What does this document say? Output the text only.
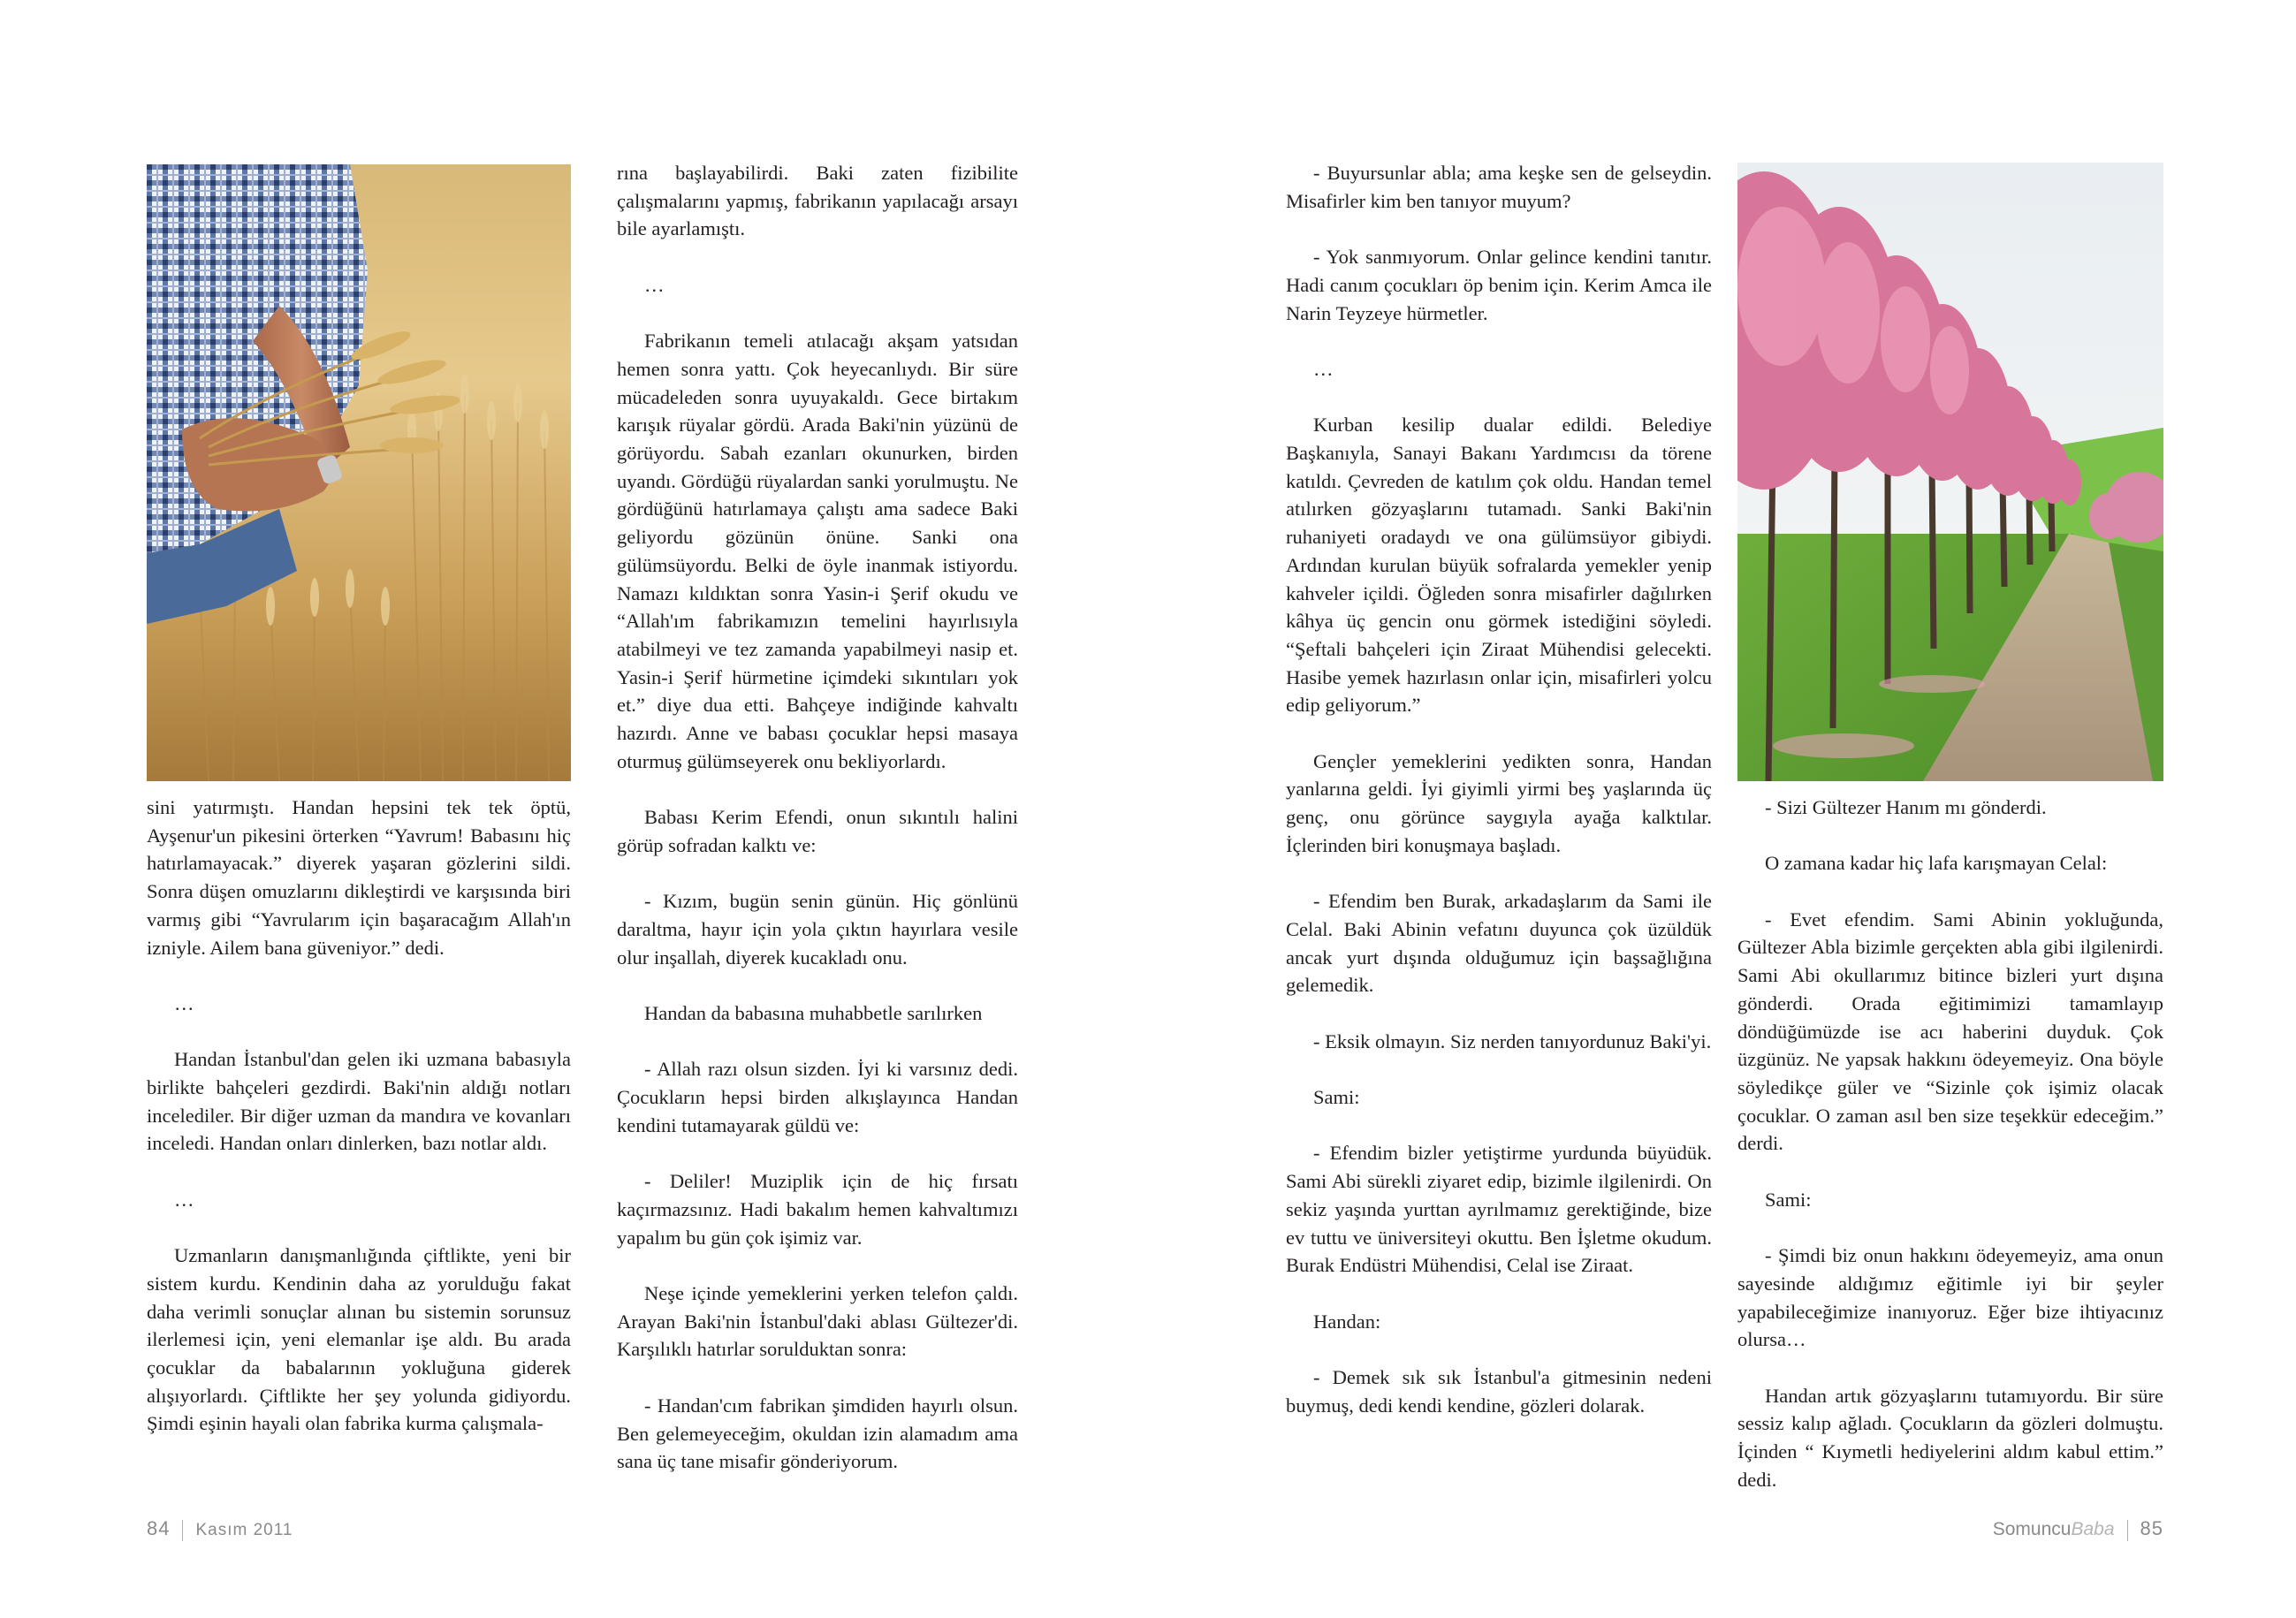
sini yatırmıştı. Handan hepsini tek tek öptü, Ayşenur'un pikesini örterken “Yavrum! Babasını hiç hatırlamayacak.” diyerek yaşaran gözlerini sildi. Sonra düşen omuzlarını dikleştirdi ve karşısında biri varmış gibi “Yavrularım için başaracağım Allah'ın izniyle. Ailem bana güveniyor.” dedi.

…

Handan İstanbul'dan gelen iki uzmana babasıyla birlikte bahçeleri gezdirdi. Baki'nin aldığı notları incelediler. Bir diğer uzman da mandıra ve kovanları inceledi. Handan onları dinlerken, bazı notlar aldı.

…

Uzmanların danışmanlığında çiftlikte, yeni bir sistem kurdu. Kendinin daha az yorulduğu fakat daha verimli sonuçlar alınan bu sistemin sorunsuz ilerlemesi için, yeni elemanlar işe aldı. Bu arada çocuklar da babalarının yokluğuna giderek alışıyorlardı. Çiftlikte her şey yolunda gidiyordu. Şimdi eşinin hayali olan fabrika kurma çalışmala-

rına başlayabilirdi. Baki zaten fizibilite çalışmalarını yapmış, fabrikanın yapılacağı arsayı bile ayarlamıştı.

…

Fabrikanın temeli atılacağı akşam yatsıdan hemen sonra yattı. Çok heyecanlıydı. Bir süre mücadeleden sonra uyuyakaldı. Gece birtakım karışık rüyalar gördü. Arada Baki'nin yüzünü de görüyordu. Sabah ezanları okunurken, birden uyandı. Gördüğü rüyalardan sanki yorulmuştu. Ne gördüğünü hatırlamaya çalıştı ama sadece Baki geliyordu gözünün önüne. Sanki ona gülümsüyordu. Belki de öyle inanmak istiyordu. Namazı kıldıktan sonra Yasin-i Şerif okudu ve “Allah'ım fabrikamızın temelini hayırlısıyla atabilmeyi ve tez zamanda yapabilmeyi nasip et. Yasin-i Şerif hürmetine içimdeki sıkıntıları yok et.” diye dua etti. Bahçeye indiğinde kahvaltı hazırdı. Anne ve babası çocuklar hepsi masaya oturmuş gülümseyerek onu bekliyorlardı.

Babası Kerim Efendi, onun sıkıntılı halini görüp sofradan kalktı ve:

- Kızım, bugün senin günün. Hiç gönlünü daraltma, hayır için yola çıktın hayırlara vesile olur inşallah, diyerek kucakladı onu.

Handan da babasına muhabbetle sarılırken

- Allah razı olsun sizden. İyi ki varsınız dedi. Çocukların hepsi birden alkışlayınca Handan kendini tutamayarak güldü ve:

- Deliler! Muziplik için de hiç fırsatı kaçırmazsınız. Hadi bakalım hemen kahvaltımızı yapalım bu gün çok işimiz var.

Neşe içinde yemeklerini yerken telefon çaldı. Arayan Baki'nin İstanbul'daki ablası Gültezer'di. Karşılıklı hatırlar sorulduktan sonra:

- Handan'cım fabrikan şimdiden hayırlı olsun. Ben gelemeyeceğim, okuldan izin alamadım ama sana üç tane misafir gönderiyorum.

- Buyursunlar abla; ama keşke sen de gelseydin. Misafirler kim ben tanıyor muyum?

- Yok sanmıyorum. Onlar gelince kendini tanıtır. Hadi canım çocukları öp benim için. Kerim Amca ile Narin Teyzeye hürmetler.

…

Kurban kesilip dualar edildi. Belediye Başkanıyla, Sanayi Bakanı Yardımcısı da törene katıldı. Çevreden de katılım çok oldu. Handan temel atılırken gözyaşlarını tutamadı. Sanki Baki'nin ruhaniyeti oradaydı ve ona gülümsüyor gibiydi. Ardından kurulan büyük sofralarda yemekler yenip kahveler içildi. Öğleden sonra misafirler dağılırken kâhya üç gencin onu görmek istediğini söyledi. “Şeftali bahçeleri için Ziraat Mühendisi gelecekti. Hasibe yemek hazırlasın onlar için, misafirleri yolcu edip geliyorum.”

Gençler yemeklerini yedikten sonra, Handan yanlarına geldi. İyi giyimli yirmi beş yaşlarında üç genç, onu görünce saygıyla ayağa kalktılar. İçlerinden biri konuşmaya başladı.

- Efendim ben Burak, arkadaşlarım da Sami ile Celal. Baki Abinin vefatını duyunca çok üzüldük ancak yurt dışında olduğumuz için başsağlığına gelemedik.

- Eksik olmayın. Siz nerden tanıyordunuz Baki'yi.

Sami:

- Efendim bizler yetiştirme yurdunda büyüdük. Sami Abi sürekli ziyaret edip, bizimle ilgilenirdi. On sekiz yaşında yurttan ayrılmamız gerektiğinde, bize ev tuttu ve üniversiteyi okuttu. Ben İşletme okudum. Burak Endüstri Mühendisi, Celal ise Ziraat.

Handan:

- Demek sık sık İstanbul'a gitmesinin nedeni buymuş, dedi kendi kendine, gözleri dolarak.

- Sizi Gültezer Hanım mı gönderdi.

O zamana kadar hiç lafa karışmayan Celal:

- Evet efendim. Sami Abinin yokluğunda, Gültezer Abla bizimle gerçekten abla gibi ilgilenirdi. Sami Abi okullarımız bitince bizleri yurt dışına gönderdi. Orada eğitimimizi tamamlayıp döndüğümüzde ise acı haberini duyduk. Çok üzgünüz. Ne yapsak hakkını ödeyemeyiz. Ona böyle söyledikçe güler ve “Sizinle çok işimiz olacak çocuklar. O zaman asıl ben size teşekkür edeceğim.” derdi.

Sami:

- Şimdi biz onun hakkını ödeyemeyiz, ama onun sayesinde aldığımız eğitimle iyi bir şeyler yapabileceğimize inanıyoruz. Eğer bize ihtiyacınız olursa…

Handan artık gözyaşlarını tutamıyordu. Bir süre sessiz kalıp ağladı. Çocukların da gözleri dolmuştu. İçinden “ Kıymetli hediyelerini aldım kabul ettim.” dedi.

84 Kasım 2011	SomuncuBaba 85
